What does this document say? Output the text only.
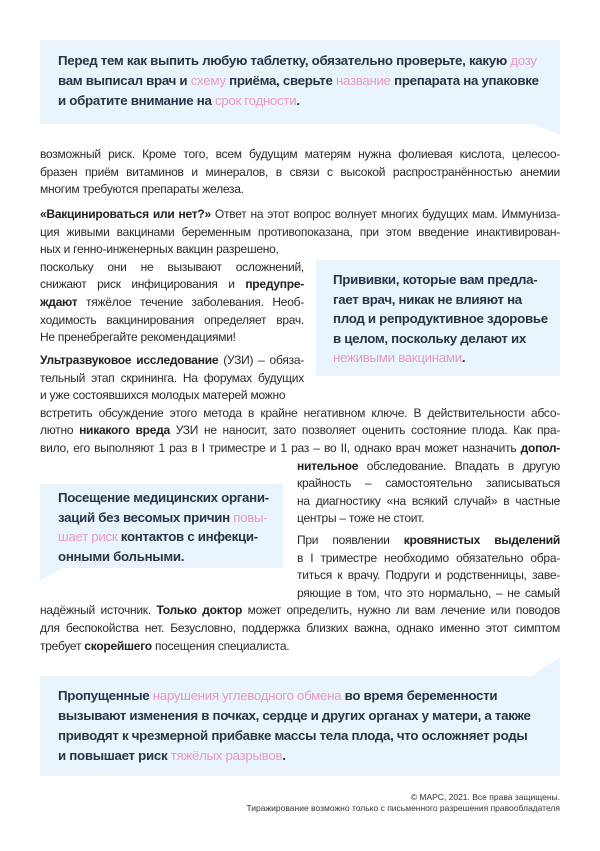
Перед тем как выпить любую таблетку, обязательно проверьте, какую дозу
вам выписал врач и схему приёма, сверьте название препарата на упаковке
и обратите внимание на срок годности.
возможный риск. Кроме того, всем будущим матерям нужна фолиевая кислота, целесоо-
бразен приём витаминов и минералов, в связи с высокой распространённостью анемии
многим требуются препараты железа.
«Вакцинироваться или нет?» Ответ на этот вопрос волнует многих будущих мам. Иммуниза-
ция живыми вакцинами беременным противопоказана, при этом введение инактивирован-
ных и генно-инженерных вакцин разрешено,
поскольку они не вызывают осложнений,
снижают риск инфицирования и предупре-
ждают тяжёлое течение заболевания. Необ-
ходимость вакцинирования определяет врач.
Не пренебрегайте рекомендациями!
Прививки, которые вам предла-
гает врач, никак не влияют на
плод и репродуктивное здоровье
в целом, поскольку делают их
неживыми вакцинами.
Ультразвуковое исследование (УЗИ) – обяза-
тельный этап скрининга. На форумах будущих
и уже состоявшихся молодых матерей можно
встретить обсуждение этого метода в крайне негативном ключе. В действительности абсо-
лютно никакого вреда УЗИ не наносит, зато позволяет оценить состояние плода. Как пра-
вило, его выполняют 1 раз в I триместре и 1 раз – во II, однако врач может назначить допол-
нительное обследование. Впадать в другую
крайность – самостоятельно записываться
на диагностику «на всякий случай» в частные
центры – тоже не стоит.
Посещение медицинских органи-
заций без весомых причин повы-
шает риск контактов с инфекци-
онными больными.
При появлении кровянистых выделений
в I триместре необходимо обязательно обра-
титься к врачу. Подруги и родственницы, заве-
ряющие в том, что это нормально, – не самый
надёжный источник. Только доктор может определить, нужно ли вам лечение или поводов
для беспокойства нет. Безусловно, поддержка близких важна, однако именно этот симптом
требует скорейшего посещения специалиста.
Пропущенные нарушения углеводного обмена во время беременности
вызывают изменения в почках, сердце и других органах у матери, а также
приводят к чрезмерной прибавке массы тела плода, что осложняет роды
и повышает риск тяжёлых разрывов.
© МАРС, 2021. Все права защищены.
Тиражирование возможно только с письменного разрешения правообладателя
